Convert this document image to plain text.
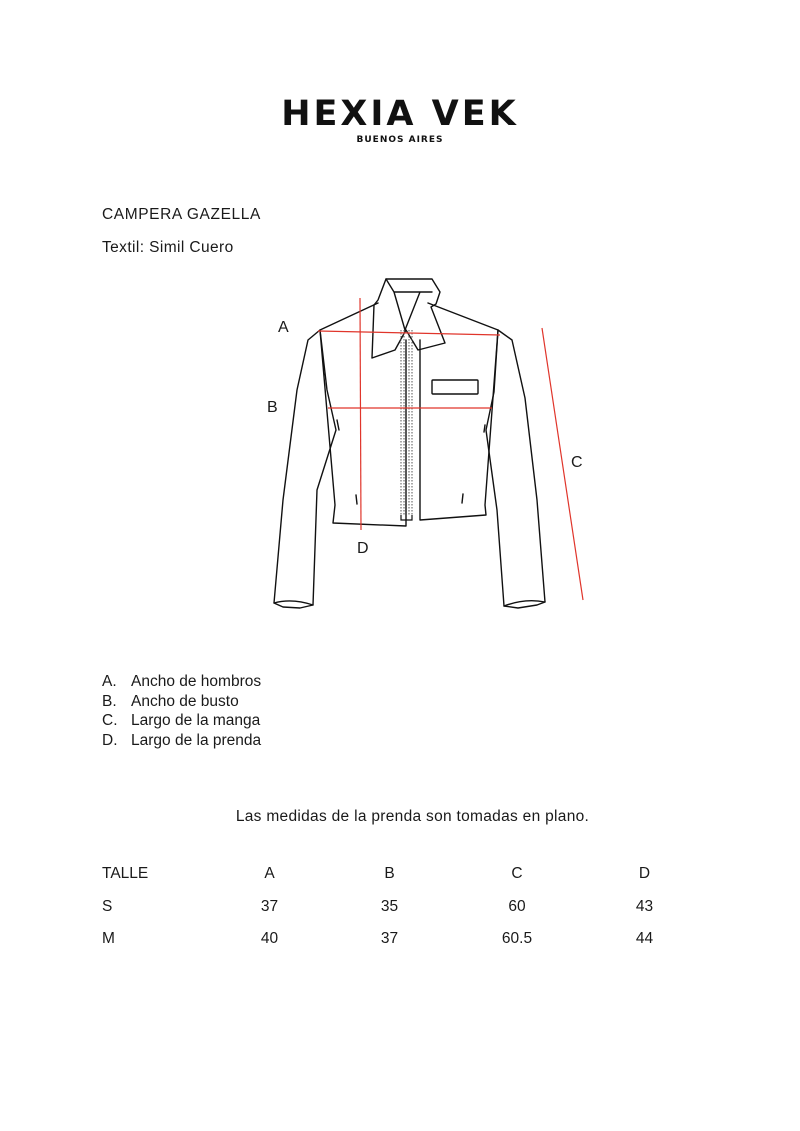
HEXIA VEK
BUENOS AIRES
CAMPERA GAZELLA
Textil: Simil Cuero
A
B
C
D
A. Ancho de hombros
B. Ancho de busto
C. Largo de la manga
D. Largo de la prenda
Las medidas de la prenda son tomadas en plano.
TALLE	A	B	C	D
S	37	35	60	43
M	40	37	60.5	44
